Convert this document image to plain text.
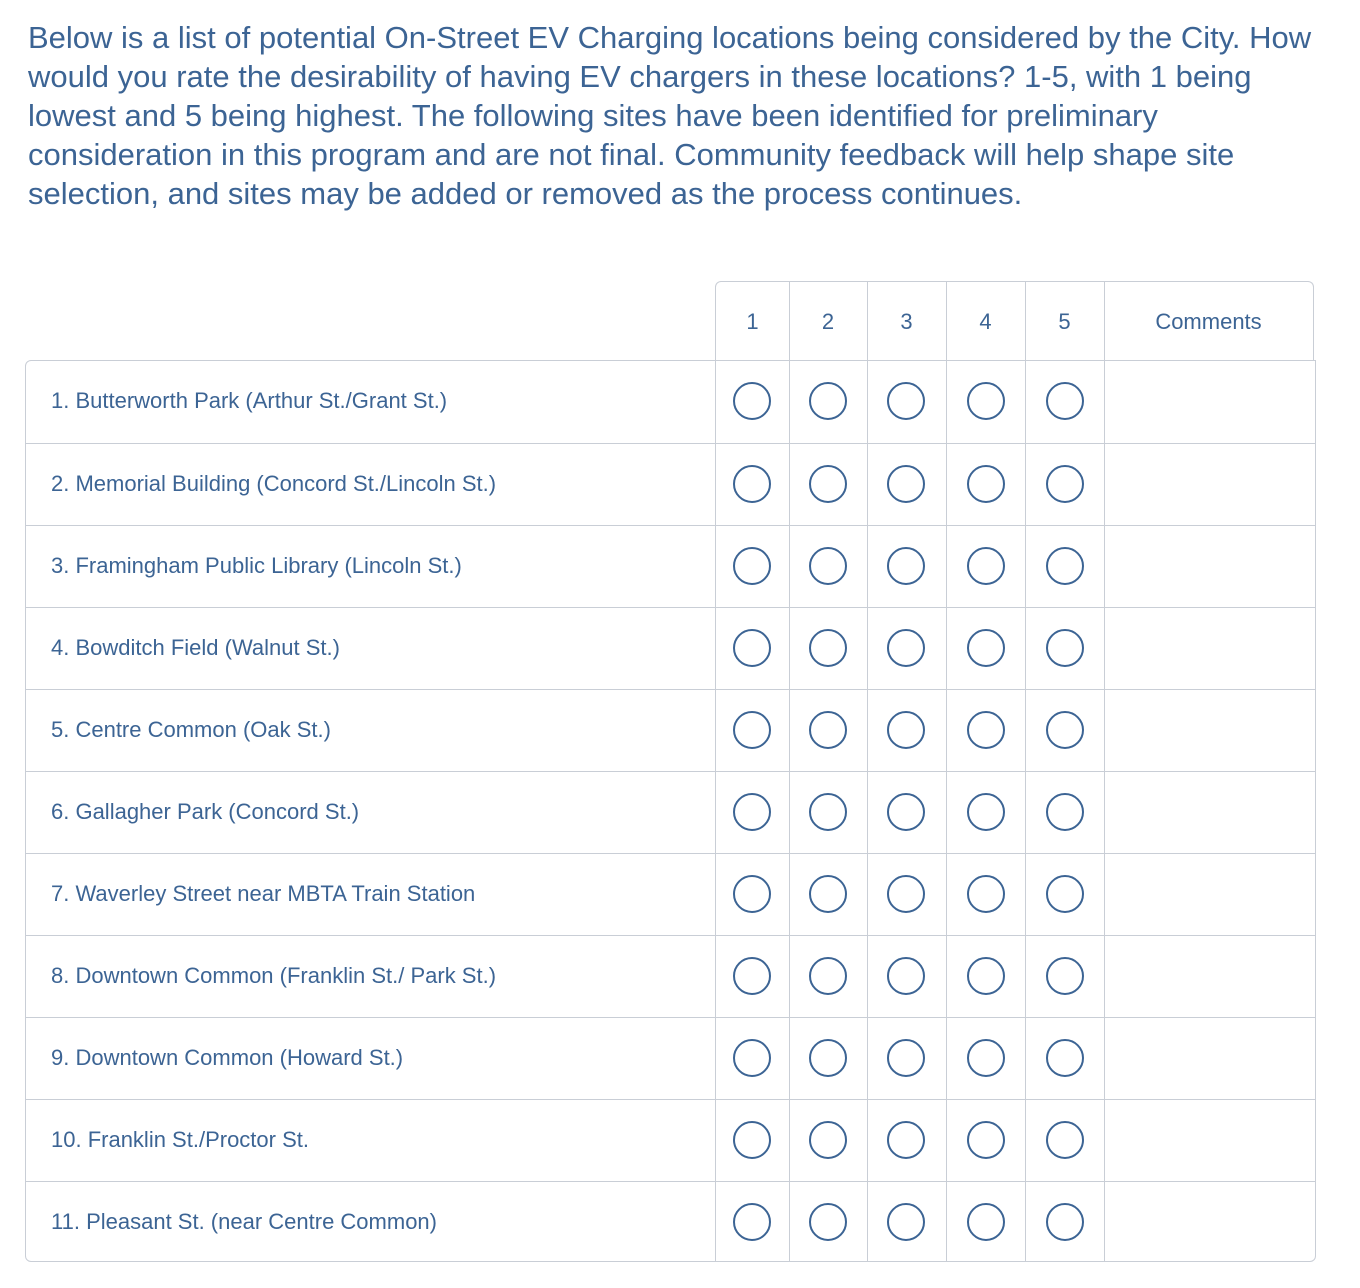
Below is a list of potential On-Street EV Charging locations being considered by the City. How would you rate the desirability of having EV chargers in these locations? 1-5, with 1 being lowest and 5 being highest. The following sites have been identified for preliminary consideration in this program and are not final. Community feedback will help shape site selection, and sites may be added or removed as the process continues.

1	2	3	4	5	Comments
1. Butterworth Park (Arthur St./Grant St.)
2. Memorial Building (Concord St./Lincoln St.)
3. Framingham Public Library (Lincoln St.)
4. Bowditch Field (Walnut St.)
5. Centre Common (Oak St.)
6. Gallagher Park (Concord St.)
7. Waverley Street near MBTA Train Station
8. Downtown Common (Franklin St./ Park St.)
9. Downtown Common (Howard St.)
10. Franklin St./Proctor St.
11. Pleasant St. (near Centre Common)
